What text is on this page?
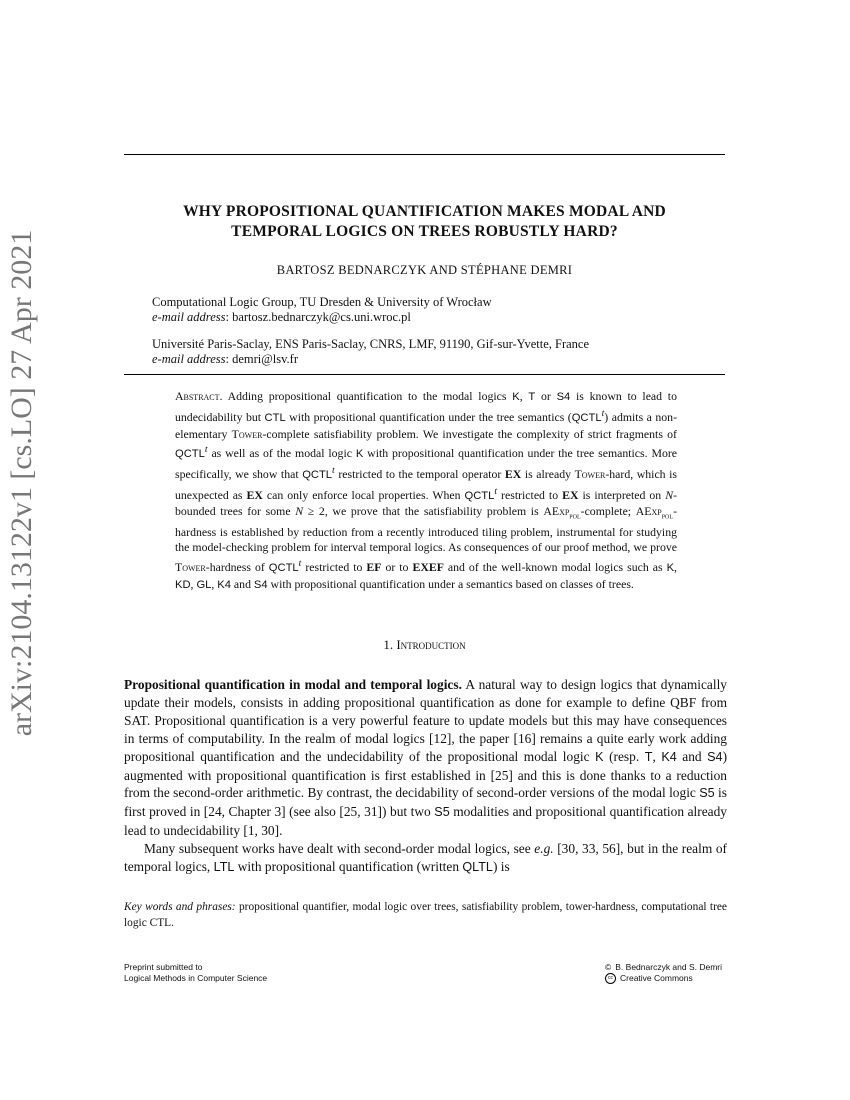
arXiv:2104.13122v1 [cs.LO] 27 Apr 2021
WHY PROPOSITIONAL QUANTIFICATION MAKES MODAL AND
TEMPORAL LOGICS ON TREES ROBUSTLY HARD?
BARTOSZ BEDNARCZYK AND STÉPHANE DEMRI
Computational Logic Group, TU Dresden & University of Wrocław
e-mail address: bartosz.bednarczyk@cs.uni.wroc.pl
Université Paris-Saclay, ENS Paris-Saclay, CNRS, LMF, 91190, Gif-sur-Yvette, France
e-mail address: demri@lsv.fr
Abstract. Adding propositional quantification to the modal logics K, T or S4 is known to lead to undecidability but CTL with propositional quantification under the tree semantics (QCTL$^t$) admits a non-elementary Tower-complete satisfiability problem. We investigate the complexity of strict fragments of QCTL$^t$ as well as of the modal logic K with propositional quantification under the tree semantics. More specifically, we show that QCTL$^t$ restricted to the temporal operator EX is already Tower-hard, which is unexpected as EX can only enforce local properties. When QCTL$^t$ restricted to EX is interpreted on N-bounded trees for some N ≥ 2, we prove that the satisfiability problem is AExp$_{pol}$-complete; AExp$_{pol}$-hardness is established by reduction from a recently introduced tiling problem, instrumental for studying the model-checking problem for interval temporal logics. As consequences of our proof method, we prove Tower-hardness of QCTL$^t$ restricted to EF or to EXEF and of the well-known modal logics such as K, KD, GL, K4 and S4 with propositional quantification under a semantics based on classes of trees.
1. Introduction

Propositional quantification in modal and temporal logics. A natural way to design logics that dynamically update their models, consists in adding propositional quantification as done for example to define QBF from SAT. Propositional quantification is a very powerful feature to update models but this may have consequences in terms of computability. In the realm of modal logics [12], the paper [16] remains a quite early work adding propositional quantification and the undecidability of the propositional modal logic K (resp. T, K4 and S4) augmented with propositional quantification is first established in [25] and this is done thanks to a reduction from the second-order arithmetic. By contrast, the decidability of second-order versions of the modal logic S5 is first proved in [24, Chapter 3] (see also [25, 31]) but two S5 modalities and propositional quantification already lead to undecidability [1, 30].

Many subsequent works have dealt with second-order modal logics, see e.g. [30, 33, 56], but in the realm of temporal logics, LTL with propositional quantification (written QLTL) is

Key words and phrases: propositional quantifier, modal logic over trees, satisfiability problem, tower-hardness, computational tree logic CTL.
Preprint submitted to
Logical Methods in Computer Science
© B. Bednarczyk and S. Demri
cc Creative Commons
